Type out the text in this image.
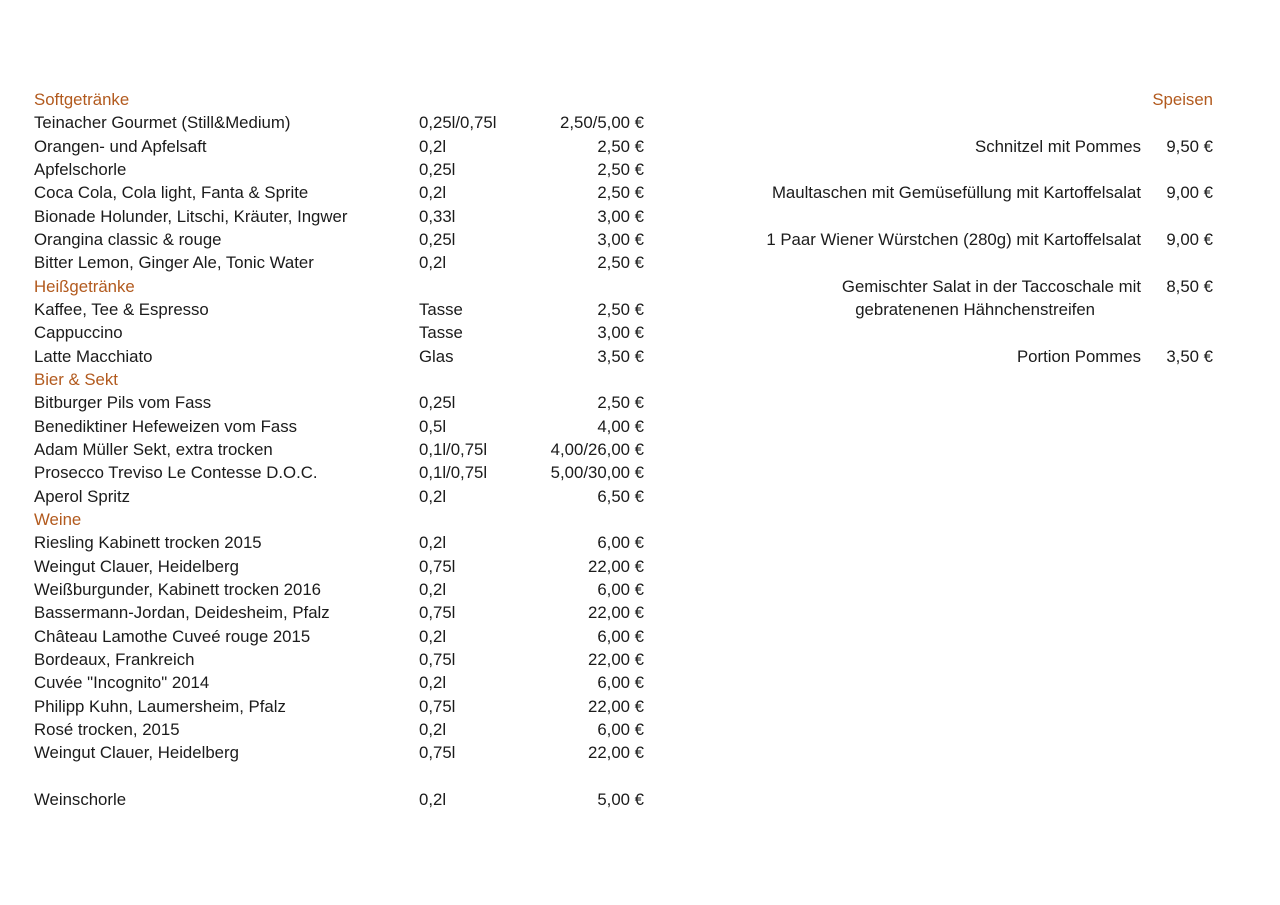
Softgetränke
Teinacher Gourmet (Still&Medium)	0,25l/0,75l	2,50/5,00 €
Orangen- und Apfelsaft	0,2l	2,50 €
Apfelschorle	0,25l	2,50 €
Coca Cola, Cola light, Fanta & Sprite	0,2l	2,50 €
Bionade Holunder, Litschi, Kräuter, Ingwer	0,33l	3,00 €
Orangina classic & rouge	0,25l	3,00 €
Bitter Lemon, Ginger Ale, Tonic Water	0,2l	2,50 €
Heißgetränke
Kaffee, Tee & Espresso	Tasse	2,50 €
Cappuccino	Tasse	3,00 €
Latte Macchiato	Glas	3,50 €
Bier & Sekt
Bitburger Pils vom Fass	0,25l	2,50 €
Benediktiner Hefeweizen vom Fass	0,5l	4,00 €
Adam Müller Sekt, extra trocken	0,1l/0,75l	4,00/26,00 €
Prosecco Treviso Le Contesse D.O.C.	0,1l/0,75l	5,00/30,00 €
Aperol Spritz	0,2l	6,50 €
Weine
Riesling Kabinett trocken 2015	0,2l	6,00 €
Weingut Clauer, Heidelberg	0,75l	22,00 €
Weißburgunder, Kabinett trocken 2016	0,2l	6,00 €
Bassermann-Jordan, Deidesheim, Pfalz	0,75l	22,00 €
Château Lamothe Cuveé rouge 2015	0,2l	6,00 €
Bordeaux, Frankreich	0,75l	22,00 €
Cuvée "Incognito" 2014	0,2l	6,00 €
Philipp Kuhn, Laumersheim, Pfalz	0,75l	22,00 €
Rosé trocken, 2015	0,2l	6,00 €
Weingut Clauer, Heidelberg	0,75l	22,00 €
Weinschorle	0,2l	5,00 €
Speisen
Schnitzel mit Pommes	9,50 €
Maultaschen mit Gemüsefüllung mit Kartoffelsalat	9,00 €
1 Paar Wiener Würstchen (280g) mit Kartoffelsalat	9,00 €
Gemischter Salat in der Taccoschale mit	8,50 €
gebratenenen Hähnchenstreifen
Portion Pommes	3,50 €
